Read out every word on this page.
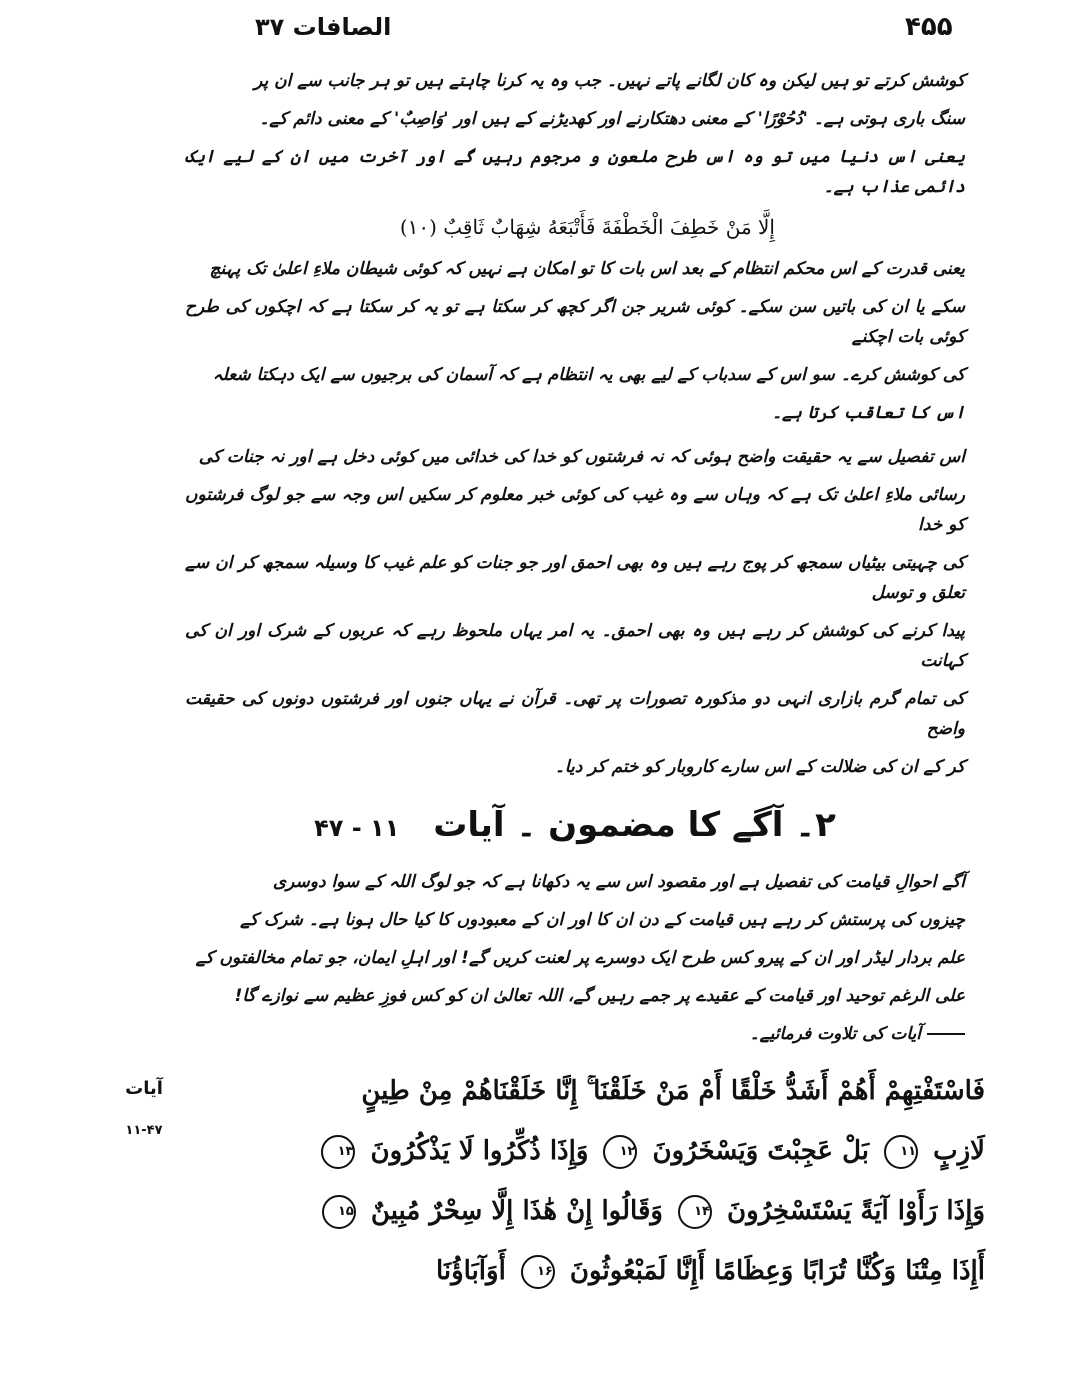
۴۵۵
الصافات ۳۷
کوشش کرتے تو ہیں لیکن وہ کان لگانے پاتے نہیں۔ جب وہ یہ کرنا چاہتے ہیں تو ہر جانب سے ان پر
سنگ باری ہوتی ہے۔ 'دُحُوْرًا' کے معنی دھتکارنے اور کھدیڑنے کے ہیں اور 'وَاصِبٌ' کے معنی دائم کے۔
یعنی اس دنیا میں تو وہ اس طرح ملعون و مرجوم رہیں گے اور آخرت میں ان کے لیے ایک دائمی عذاب ہے۔
إِلَّا مَنْ خَطِفَ الْخَطْفَةَ فَأَتْبَعَهُ شِهَابٌ ثَاقِبٌ (۱۰)
یعنی قدرت کے اس محکم انتظام کے بعد اس بات کا تو امکان ہے نہیں کہ کوئی شیطان ملاءِ اعلیٰ تک پہنچ
سکے یا ان کی باتیں سن سکے۔ کوئی شریر جن اگر کچھ کر سکتا ہے تو یہ کر سکتا ہے کہ اچکوں کی طرح کوئی بات اچکنے
کی کوشش کرے۔ سو اس کے سدباب کے لیے بھی یہ انتظام ہے کہ آسمان کی برجیوں سے ایک دہکتا شعلہ
اس کا تعاقب کرتا ہے۔
اس تفصیل سے یہ حقیقت واضح ہوئی کہ نہ فرشتوں کو خدا کی خدائی میں کوئی دخل ہے اور نہ جنات کی
رسائی ملاءِ اعلیٰ تک ہے کہ وہاں سے وہ غیب کی کوئی خبر معلوم کر سکیں اس وجہ سے جو لوگ فرشتوں کو خدا
کی چہیتی بیٹیاں سمجھ کر پوج رہے ہیں وہ بھی احمق اور جو جنات کو علم غیب کا وسیلہ سمجھ کر ان سے تعلق و توسل
پیدا کرنے کی کوشش کر رہے ہیں وہ بھی احمق۔ یہ امر یہاں ملحوظ رہے کہ عربوں کے شرک اور ان کی کہانت
کی تمام گرم بازاری انہی دو مذکورہ تصورات پر تھی۔ قرآن نے یہاں جنوں اور فرشتوں دونوں کی حقیقت واضح
کر کے ان کی ضلالت کے اس سارے کاروبار کو ختم کر دیا۔
۲۔ آگے کا مضمون ۔ آیات ۱۱ - ۴۷
آگے احوالِ قیامت کی تفصیل ہے اور مقصود اس سے یہ دکھانا ہے کہ جو لوگ اللہ کے سوا دوسری
چیزوں کی پرستش کر رہے ہیں قیامت کے دن ان کا اور ان کے معبودوں کا کیا حال ہونا ہے۔ شرک کے
علم بردار لیڈر اور ان کے پیرو کس طرح ایک دوسرے پر لعنت کریں گے! اور اہلِ ایمان، جو تمام مخالفتوں کے
علی الرغم توحید اور قیامت کے عقیدے پر جمے رہیں گے، اللہ تعالیٰ ان کو کس فوزِ عظیم سے نوازے گا!
آیات کی تلاوت فرمائیے۔
آیات
۱۱-۴۷
فَاسْتَفْتِهِمْ أَهُمْ أَشَدُّ خَلْقًا أَمْ مَنْ خَلَقْنَا ۚ إِنَّا خَلَقْنَاهُمْ مِنْ طِينٍ
لَازِبٍ ۱۱ بَلْ عَجِبْتَ وَيَسْخَرُونَ ۱۲ وَإِذَا ذُكِّرُوا لَا يَذْكُرُونَ ۱۳
وَإِذَا رَأَوْا آيَةً يَسْتَسْخِرُونَ ۱۴ وَقَالُوا إِنْ هَٰذَا إِلَّا سِحْرٌ مُبِينٌ ۱۵
أَإِذَا مِتْنَا وَكُنَّا تُرَابًا وَعِظَامًا أَإِنَّا لَمَبْعُوثُونَ ۱۶ أَوَآبَاؤُنَا
